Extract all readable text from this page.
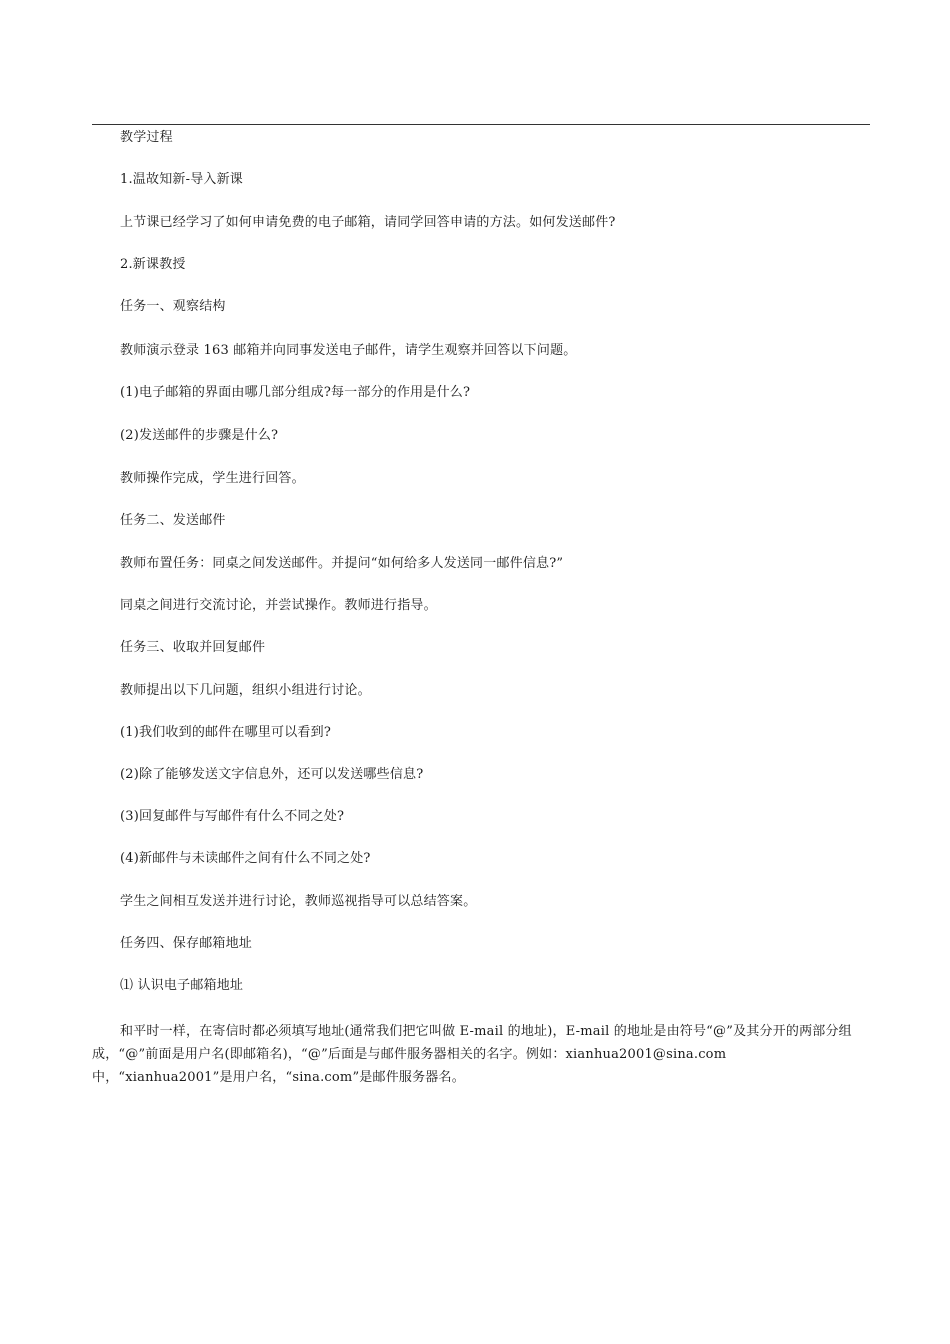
教学过程
1.温故知新-导入新课
上节课已经学习了如何申请免费的电子邮箱，请同学回答申请的方法。如何发送邮件?
2.新课教授
任务一、观察结构
教师演示登录 163 邮箱并向同事发送电子邮件，请学生观察并回答以下问题。
(1)电子邮箱的界面由哪几部分组成?每一部分的作用是什么?
(2)发送邮件的步骤是什么?
教师操作完成，学生进行回答。
任务二、发送邮件
教师布置任务：同桌之间发送邮件。并提问“如何给多人发送同一邮件信息?”
同桌之间进行交流讨论，并尝试操作。教师进行指导。
任务三、收取并回复邮件
教师提出以下几问题，组织小组进行讨论。
(1)我们收到的邮件在哪里可以看到?
(2)除了能够发送文字信息外，还可以发送哪些信息?
(3)回复邮件与写邮件有什么不同之处?
(4)新邮件与未读邮件之间有什么不同之处?
学生之间相互发送并进行讨论，教师巡视指导可以总结答案。
任务四、保存邮箱地址
⑴ 认识电子邮箱地址

和平时一样，在寄信时都必须填写地址(通常我们把它叫做 E-mail 的地址)，E-mail 的地址是由符号“@”及其分开的两部分组成，“@”前面是用户名(即邮箱名)，“@”后面是与邮件服务器相关的名字。例如：xianhua2001@sina.com 中，“xianhua2001”是用户名，“sina.com”是邮件服务器名。
